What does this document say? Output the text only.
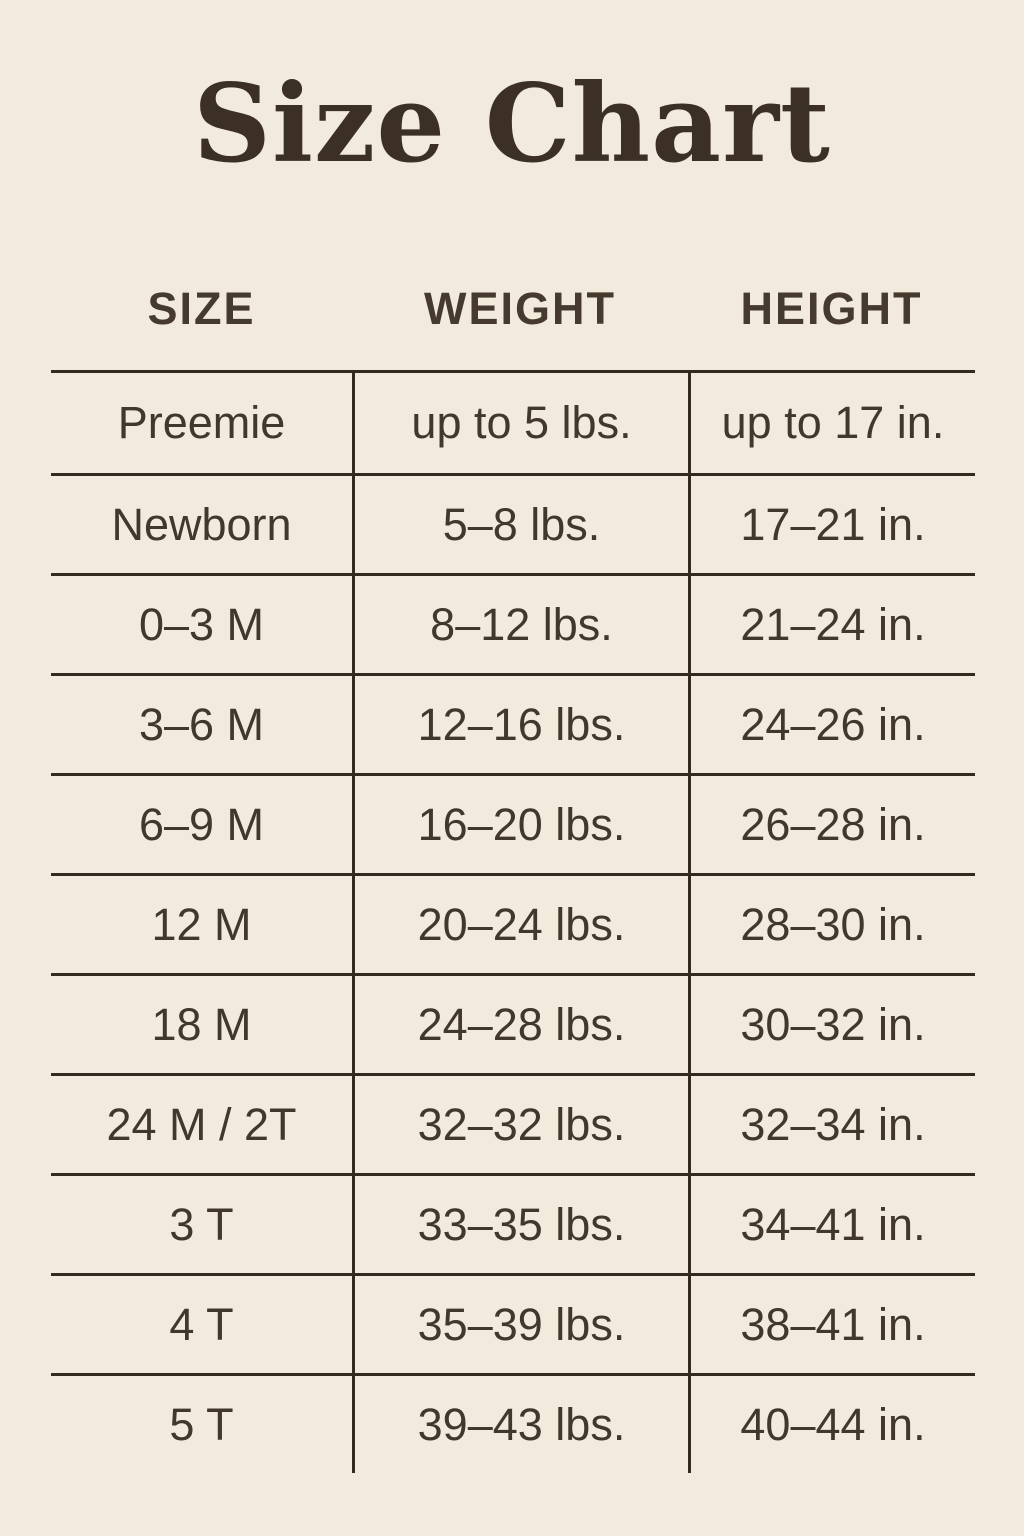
Size Chart
SIZE	WEIGHT	HEIGHT
Preemie	up to 5 lbs.	up to 17 in.
Newborn	5–8 lbs.	17–21 in.
0–3 M	8–12 lbs.	21–24 in.
3–6 M	12–16 lbs.	24–26 in.
6–9 M	16–20 lbs.	26–28 in.
12 M	20–24 lbs.	28–30 in.
18 M	24–28 lbs.	30–32 in.
24 M / 2T	32–32 lbs.	32–34 in.
3 T	33–35 lbs.	34–41 in.
4 T	35–39 lbs.	38–41 in.
5 T	39–43 lbs.	40–44 in.
